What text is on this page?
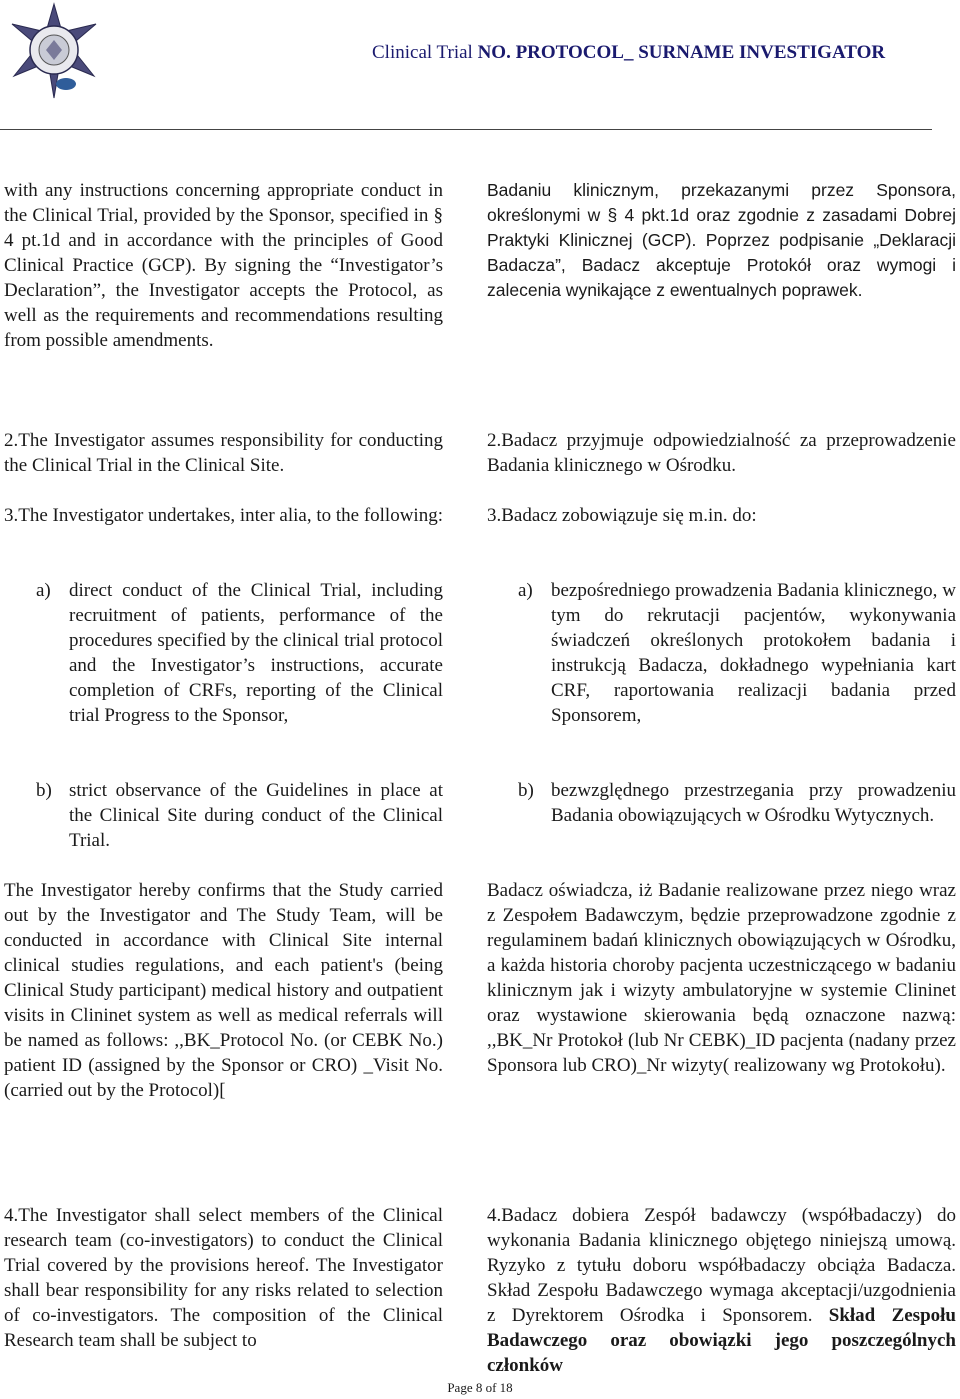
Clinical Trial NO. PROTOCOL_ SURNAME INVESTIGATOR

with any instructions concerning appropriate conduct in the Clinical Trial, provided by the Sponsor, specified in § 4 pt.1d and in accordance with the principles of Good Clinical Practice (GCP). By signing the “Investigator’s Declaration”, the Investigator accepts the Protocol, as well as the requirements and recommendations resulting from possible amendments.

2.The Investigator assumes responsibility for conducting the Clinical Trial in the Clinical Site.

3.The Investigator undertakes, inter alia, to the following:

a) direct conduct of the Clinical Trial, including recruitment of patients, performance of the procedures specified by the clinical trial protocol and the Investigator’s instructions, accurate completion of CRFs, reporting of the Clinical trial Progress to the Sponsor,
b) strict observance of the Guidelines in place at the Clinical Site during conduct of the Clinical Trial.

The Investigator hereby confirms that the Study carried out by the Investigator and The Study Team, will be conducted in accordance with Clinical Site internal clinical studies regulations, and each patient's (being Clinical Study participant) medical history and outpatient visits in Clininet system as well as medical referrals will be named as follows: ,,BK_Protocol No. (or CEBK No.) patient ID (assigned by the Sponsor or CRO) _Visit No. (carried out by the Protocol)[

4.The Investigator shall select members of the Clinical research team (co-investigators) to conduct the Clinical Trial covered by the provisions hereof. The Investigator shall bear responsibility for any risks related to selection of co-investigators. The composition of the Clinical Research team shall be subject to

Badaniu klinicznym, przekazanymi przez Sponsora, określonymi w § 4 pkt.1d oraz zgodnie z zasadami Dobrej Praktyki Klinicznej (GCP). Poprzez podpisanie „Deklaracji Badacza”, Badacz akceptuje Protokół oraz wymogi i zalecenia wynikające z ewentualnych poprawek.

2.Badacz przyjmuje odpowiedzialność za przeprowadzenie Badania klinicznego w Ośrodku.

3.Badacz zobowiązuje się m.in. do:

a) bezpośredniego prowadzenia Badania klinicznego, w tym do rekrutacji pacjentów, wykonywania świadczeń określonych protokołem badania i instrukcją Badacza, dokładnego wypełniania kart CRF, raportowania realizacji badania przed Sponsorem,
b) bezwzględnego przestrzegania przy prowadzeniu Badania obowiązujących w Ośrodku Wytycznych.

Badacz oświadcza, iż Badanie realizowane przez niego wraz z Zespołem Badawczym, będzie przeprowadzone zgodnie z regulaminem badań klinicznych obowiązujących w Ośrodku, a każda historia choroby pacjenta uczestniczącego w badaniu klinicznym jak i wizyty ambulatoryjne w systemie Clininet oraz wystawione skierowania będą oznaczone nazwą: ,,BK_Nr Protokoł (lub Nr CEBK)_ID pacjenta (nadany przez Sponsora lub CRO)_Nr wizyty( realizowany wg Protokołu).

4.Badacz dobiera Zespół badawczy (współbadaczy) do wykonania Badania klinicznego objętego niniejszą umową. Ryzyko z tytułu doboru współbadaczy obciąża Badacza. Skład Zespołu Badawczego wymaga akceptacji/uzgodnienia z Dyrektorem Ośrodka i Sponsorem. Skład Zespołu Badawczego oraz obowiązki jego poszczególnych członków

Page 8 of 18
